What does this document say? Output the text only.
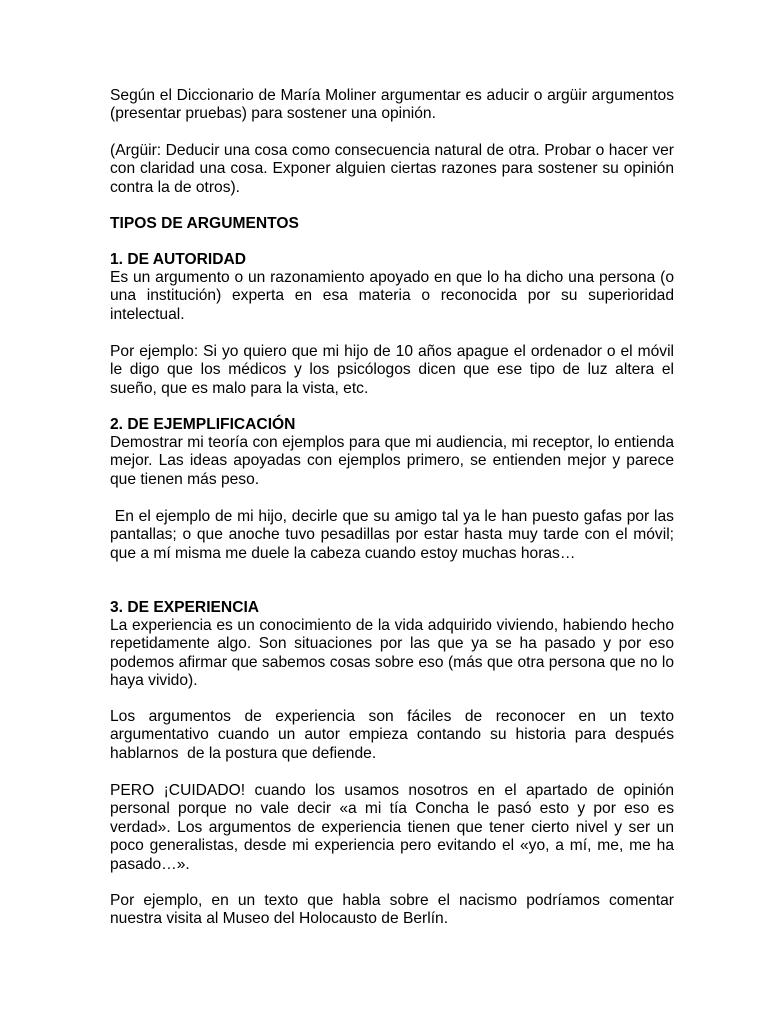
Según el Diccionario de María Moliner argumentar es aducir o argüir argumentos (presentar pruebas) para sostener una opinión.
(Argüir: Deducir una cosa como consecuencia natural de otra. Probar o hacer ver con claridad una cosa. Exponer alguien ciertas razones para sostener su opinión contra la de otros).
TIPOS DE ARGUMENTOS
1. DE AUTORIDAD
Es un argumento o un razonamiento apoyado en que lo ha dicho una persona (o una institución) experta en esa materia o reconocida por su superioridad intelectual.
Por ejemplo: Si yo quiero que mi hijo de 10 años apague el ordenador o el móvil le digo que los médicos y los psicólogos dicen que ese tipo de luz altera el sueño, que es malo para la vista, etc.
2. DE EJEMPLIFICACIÓN
Demostrar mi teoría con ejemplos para que mi audiencia, mi receptor, lo entienda mejor. Las ideas apoyadas con ejemplos primero, se entienden mejor y parece que tienen más peso.
En el ejemplo de mi hijo, decirle que su amigo tal ya le han puesto gafas por las pantallas; o que anoche tuvo pesadillas por estar hasta muy tarde con el móvil; que a mí misma me duele la cabeza cuando estoy muchas horas…
3. DE EXPERIENCIA
La experiencia es un conocimiento de la vida adquirido viviendo, habiendo hecho repetidamente algo. Son situaciones por las que ya se ha pasado y por eso podemos afirmar que sabemos cosas sobre eso (más que otra persona que no lo haya vivido).
Los argumentos de experiencia son fáciles de reconocer en un texto argumentativo cuando un autor empieza contando su historia para después hablarnos  de la postura que defiende.
PERO ¡CUIDADO! cuando los usamos nosotros en el apartado de opinión personal porque no vale decir «a mi tía Concha le pasó esto y por eso es verdad». Los argumentos de experiencia tienen que tener cierto nivel y ser un poco generalistas, desde mi experiencia pero evitando el «yo, a mí, me, me ha pasado…».
Por ejemplo, en un texto que habla sobre el nacismo podríamos comentar nuestra visita al Museo del Holocausto de Berlín.
